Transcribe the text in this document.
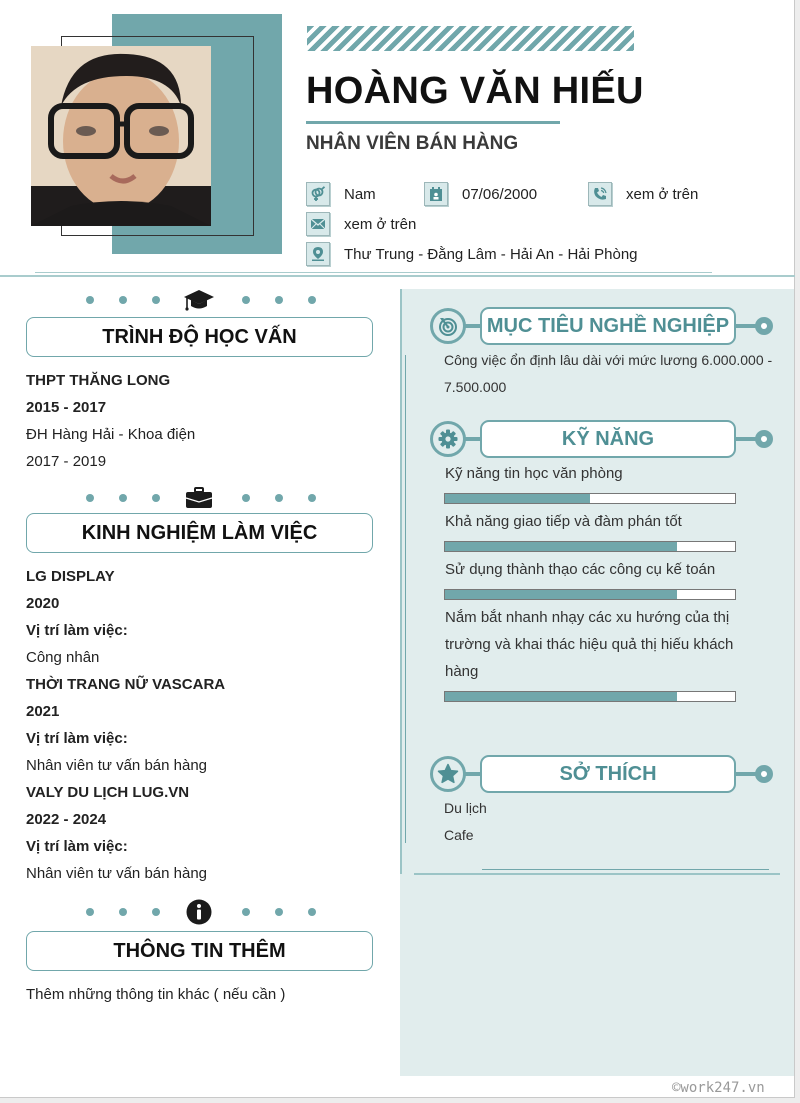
HOÀNG VĂN HIẾU
NHÂN VIÊN BÁN HÀNG
Nam	07/06/2000	xem ở trên
xem ở trên
Thư Trung - Đằng Lâm - Hải An - Hải Phòng
TRÌNH ĐỘ HỌC VẤN
THPT THĂNG LONG
2015 - 2017
ĐH Hàng Hải - Khoa điện
2017 - 2019
KINH NGHIỆM LÀM VIỆC
LG DISPLAY
2020
Vị trí làm việc:
Công nhân
THỜI TRANG NỮ VASCARA
2021
Vị trí làm việc:
Nhân viên tư vấn bán hàng
VALY DU LỊCH LUG.VN
2022 - 2024
Vị trí làm việc:
Nhân viên tư vấn bán hàng
THÔNG TIN THÊM
Thêm những thông tin khác ( nếu cần )
MỤC TIÊU NGHỀ NGHIỆP
Công việc ổn định lâu dài với mức lương 6.000.000 - 7.500.000
KỸ NĂNG
Kỹ năng tin học văn phòng
Khả năng giao tiếp và đàm phán tốt
Sử dụng thành thạo các công cụ kế toán
Nắm bắt nhanh nhạy các xu hướng của thị trường và khai thác hiệu quả thị hiếu khách hàng
SỞ THÍCH
Du lịch
Cafe
©work247.vn
